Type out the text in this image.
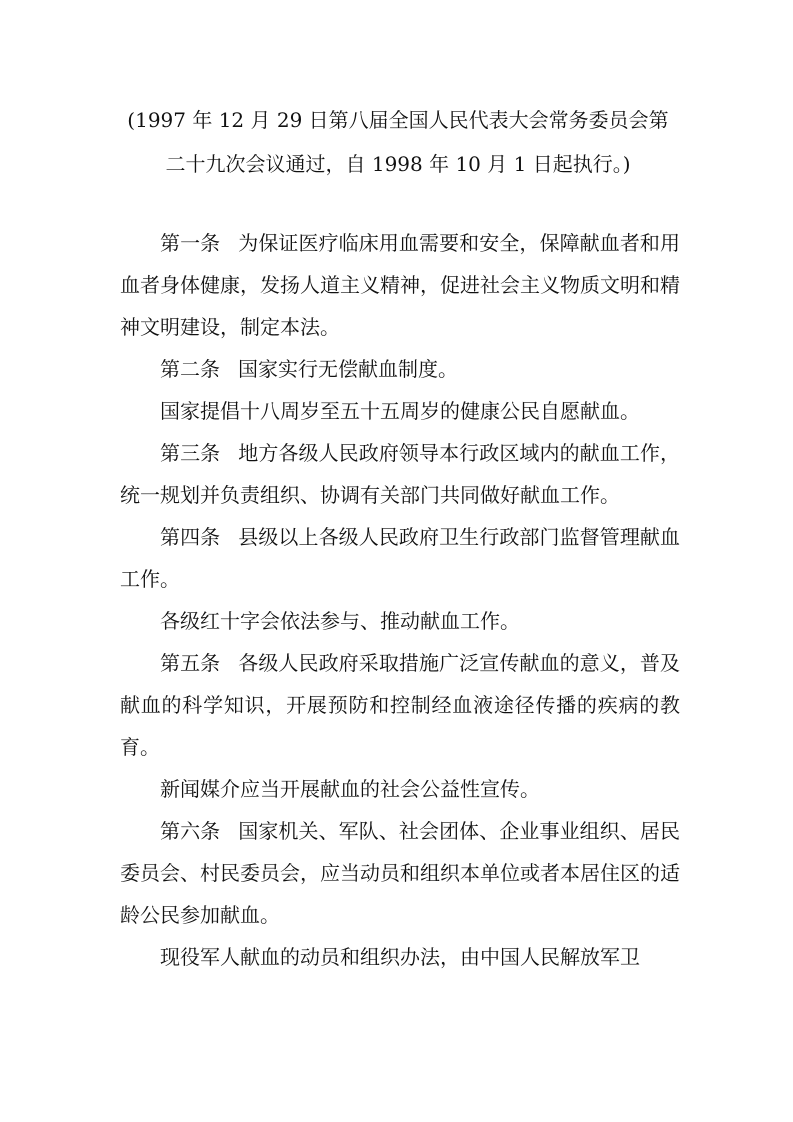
(1997 年 12 月 29 日第八届全国人民代表大会常务委员会第
二十九次会议通过，自 1998 年 10 月 1 日起执行。)

第一条 为保证医疗临床用血需要和安全，保障献血者和用血者身体健康，发扬人道主义精神，促进社会主义物质文明和精神文明建设，制定本法。

第二条 国家实行无偿献血制度。

国家提倡十八周岁至五十五周岁的健康公民自愿献血。

第三条 地方各级人民政府领导本行政区域内的献血工作，统一规划并负责组织、协调有关部门共同做好献血工作。

第四条 县级以上各级人民政府卫生行政部门监督管理献血工作。

各级红十字会依法参与、推动献血工作。

第五条 各级人民政府采取措施广泛宣传献血的意义，普及献血的科学知识，开展预防和控制经血液途径传播的疾病的教育。

新闻媒介应当开展献血的社会公益性宣传。

第六条 国家机关、军队、社会团体、企业事业组织、居民委员会、村民委员会，应当动员和组织本单位或者本居住区的适龄公民参加献血。

现役军人献血的动员和组织办法，由中国人民解放军卫
